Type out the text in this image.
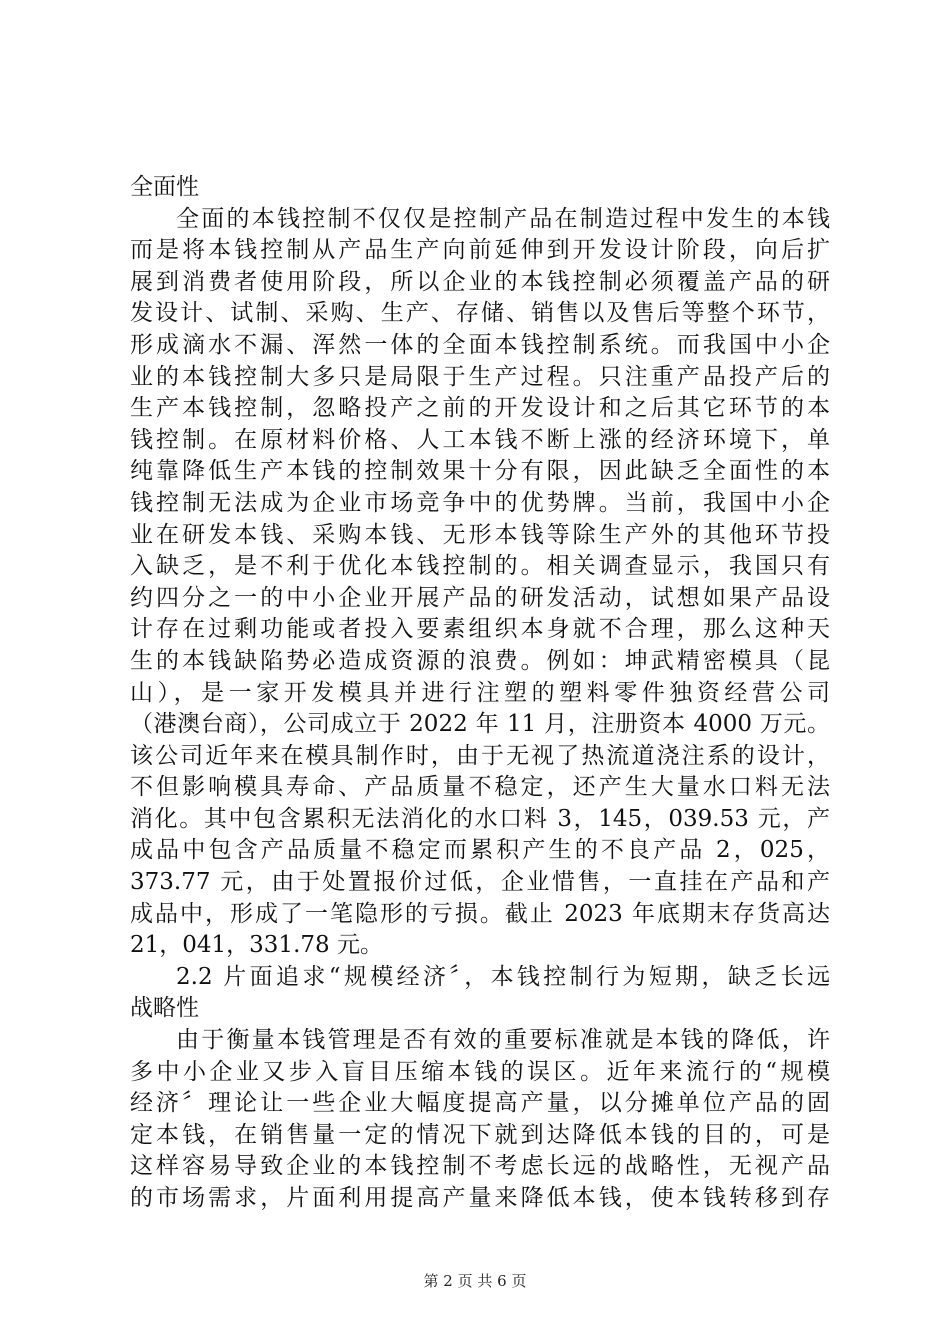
全面性
全面的本钱控制不仅仅是控制产品在制造过程中发生的本钱
而是将本钱控制从产品生产向前延伸到开发设计阶段，向后扩
展到消费者使用阶段，所以企业的本钱控制必须覆盖产品的研
发设计、试制、采购、生产、存储、销售以及售后等整个环节，
形成滴水不漏、浑然一体的全面本钱控制系统。而我国中小企
业的本钱控制大多只是局限于生产过程。只注重产品投产后的
生产本钱控制，忽略投产之前的开发设计和之后其它环节的本
钱控制。在原材料价格、人工本钱不断上涨的经济环境下，单
纯靠降低生产本钱的控制效果十分有限，因此缺乏全面性的本
钱控制无法成为企业市场竞争中的优势牌。当前，我国中小企
业在研发本钱、采购本钱、无形本钱等除生产外的其他环节投
入缺乏，是不利于优化本钱控制的。相关调查显示，我国只有
约四分之一的中小企业开展产品的研发活动，试想如果产品设
计存在过剩功能或者投入要素组织本身就不合理，那么这种天
生的本钱缺陷势必造成资源的浪费。例如：坤武精密模具（昆
山），是一家开发模具并进行注塑的塑料零件独资经营公司
（港澳台商），公司成立于 2022 年 11 月，注册资本 4000 万元。
该公司近年来在模具制作时，由于无视了热流道浇注系的设计，
不但影响模具寿命、产品质量不稳定，还产生大量水口料无法
消化。其中包含累积无法消化的水口料 3，145，039.53 元，产
成品中包含产品质量不稳定而累积产生的不良产品 2，025，
373.77 元，由于处置报价过低，企业惜售，一直挂在产品和产
成品中，形成了一笔隐形的亏损。截止 2023 年底期末存货高达
21，041，331.78 元。
2.2 片面追求“规模经济〞，本钱控制行为短期，缺乏长远
战略性
由于衡量本钱管理是否有效的重要标准就是本钱的降低，许
多中小企业又步入盲目压缩本钱的误区。近年来流行的“规模
经济〞理论让一些企业大幅度提高产量，以分摊单位产品的固
定本钱，在销售量一定的情况下就到达降低本钱的目的，可是
这样容易导致企业的本钱控制不考虑长远的战略性，无视产品
的市场需求，片面利用提高产量来降低本钱，使本钱转移到存
第 2 页 共 6 页
